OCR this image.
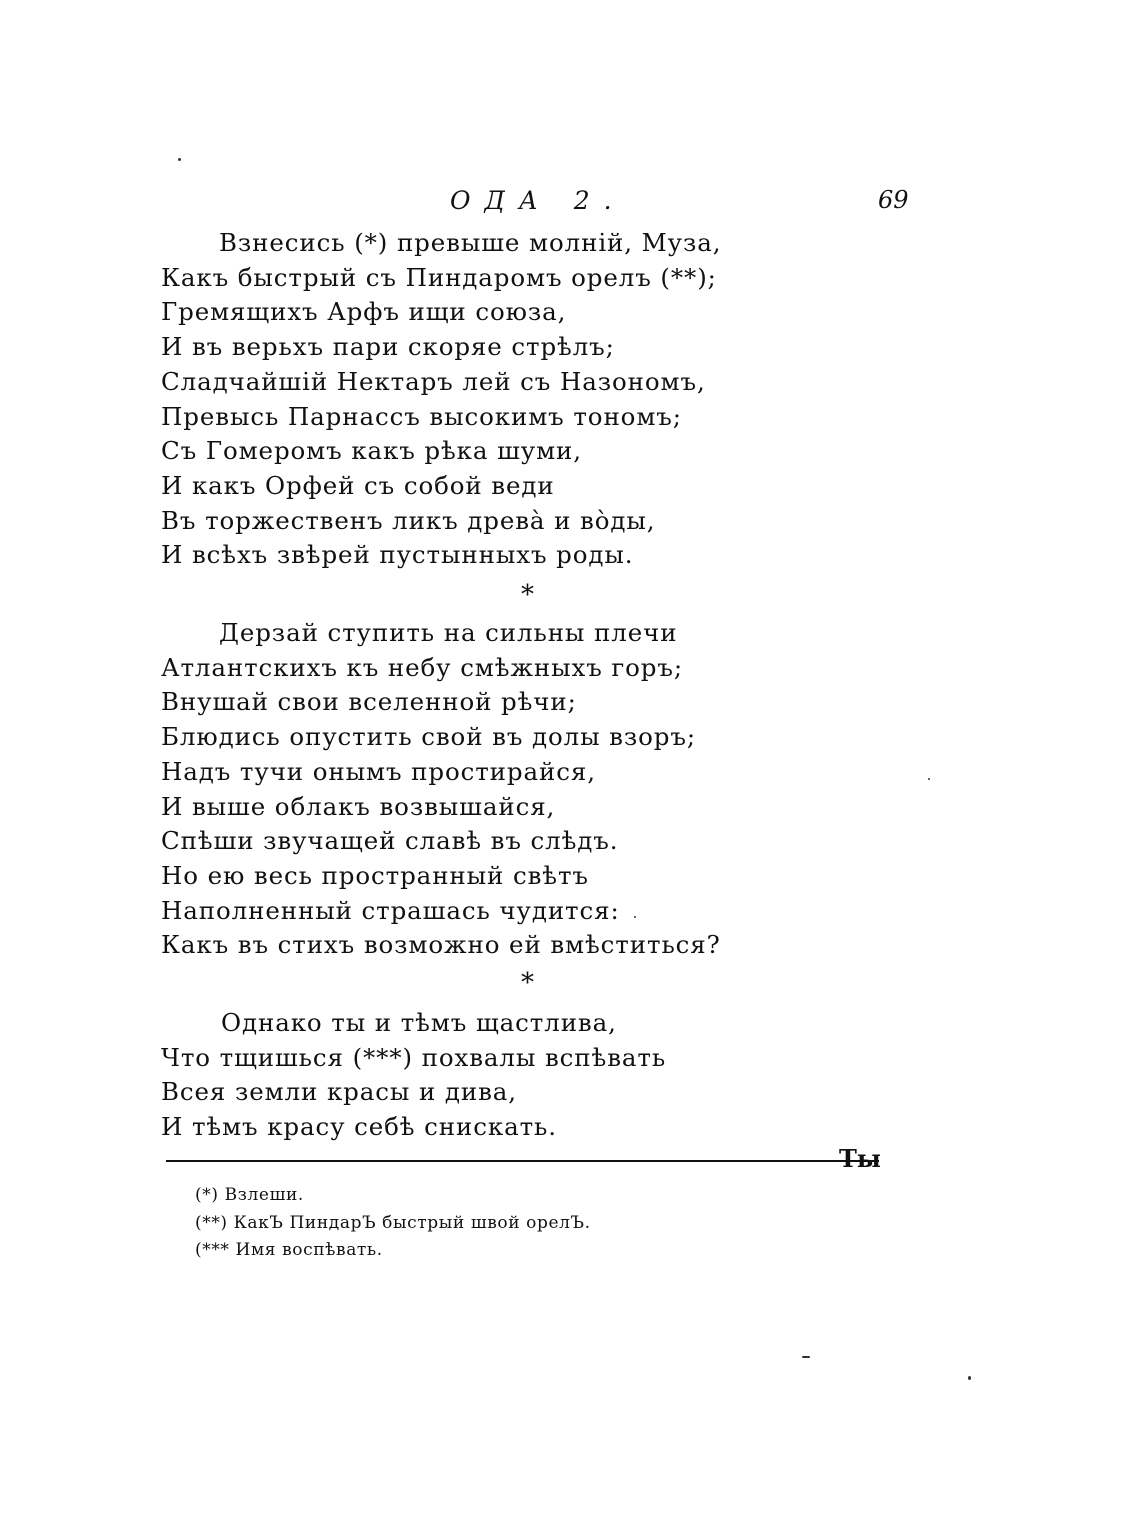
ОДА 2.	69
Взнесись (*) превыше молній, Муза,
Какъ быстрый съ Пиндаромъ орелъ (**);
Гремящихъ Арфъ ищи союза,
И въ верьхъ пари скоряе стрѣлъ;
Сладчайшій Нектаръ лей съ Назономъ,
Превысь Парнассъ высокимъ тономъ;
Съ Гомеромъ какъ рѣка шуми,
И какъ Орфей съ собой веди
Въ торжественъ ликъ древа̀ и во̀ды,
И всѣхъ звѣрей пустынныхъ роды.
*
Дерзай ступить на сильны плечи
Атлантскихъ къ небу смѣжныхъ горъ;
Внушай свои вселенной рѣчи;
Блюдись опустить свой въ долы взоръ;
Надъ тучи онымъ простирайся,
И выше облакъ возвышайся,
Спѣши звучащей славѣ въ слѣдъ.
Но ею весь пространный свѣтъ
Наполненный страшась чудится:
Какъ въ стихъ возможно ей вмѣститься?
*
Однако ты и тѣмъ щастлива,
Что тщишься (***) похвалы вспѣвать
Всея земли красы и дива,
И тѣмъ красу себѣ снискать.
Ты
(*) Взлеши.
(**) КакЪ ПиндарЪ быстрый швой орелЪ.
(*** Имя воспѣвать.
